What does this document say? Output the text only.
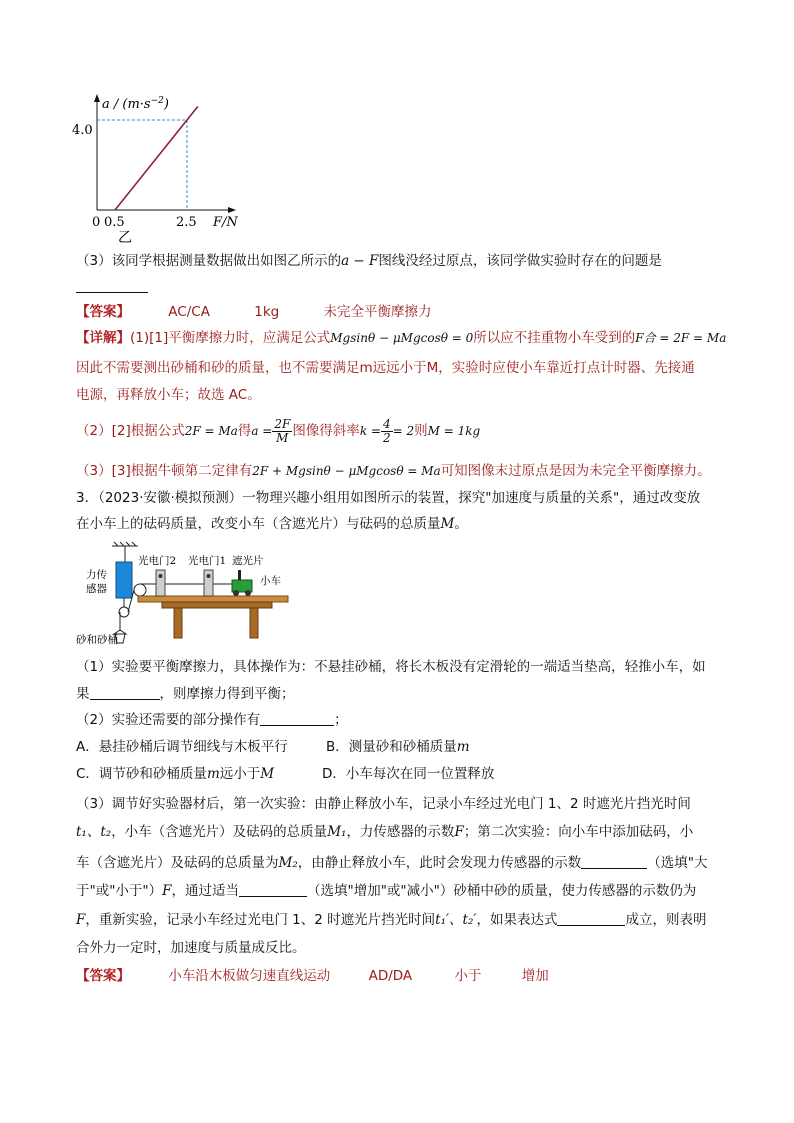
4.0
0 0.5	2.5 F/N
$a / (m\cdot s^{-2})$
乙
（3）该同学根据测量数据做出如图乙所示的a − F图线没经过原点，该同学做实验时存在的问题是
【答案】	AC/CA	1kg	未完全平衡摩擦力
【详解】(1)[1]平衡摩擦力时，应满足公式Mgsinθ − μMgcosθ = 0所以应不挂重物小车受到的F合 = 2F = Ma
因此不需要测出砂桶和砂的质量，也不需要满足m远远小于M，实验时应使小车靠近打点计时器、先接通
电源，再释放小车；故选 AC。
（2）[2]根据公式2F = Ma得$a = \frac{2F}{M}$ 图像得斜率$k = \frac{4}{2} = 2$则M = 1kg
（3）[3]根据牛顿第二定律有2F + Mgsinθ − μMgcosθ = Ma可知图像末过原点是因为未完全平衡摩擦力。
3．（2023·安徽·模拟预测）一物理兴趣小组用如图所示的装置，探究"加速度与质量的关系"，通过改变放
在小车上的砝码质量，改变小车（含遮光片）与砝码的总质量M。
光电门2 光电门1 遮光片
力传
感器
小车
砂和砂桶
（1）实验要平衡摩擦力，具体操作为：不悬挂砂桶，将长木板没有定滑轮的一端适当垫高，轻推小车，如
果	，则摩擦力得到平衡；
（2）实验还需要的部分操作有	；
A．悬挂砂桶后调节细线与木板平行	B．测量砂和砂桶质量m
C．调节砂和砂桶质量m远小于M	D．小车每次在同一位置释放
（3）调节好实验器材后，第一次实验：由静止释放小车，记录小车经过光电门 1、2 时遮光片挡光时间
t₁、t₂，小车（含遮光片）及砝码的总质量M₁，力传感器的示数F；第二次实验：向小车中添加砝码，小
车（含遮光片）及砝码的总质量为M₂，由静止释放小车，此时会发现力传感器的示数	（选填"大
于"或"小于"）F，通过适当	（选填"增加"或"减小"）砂桶中砂的质量，使力传感器的示数仍为
F，重新实验，记录小车经过光电门 1、2 时遮光片挡光时间t₁′、t₂′，如果表达式	成立，则表明
合外力一定时，加速度与质量成反比。
【答案】	小车沿木板做匀速直线运动	AD/DA	小于	增加
